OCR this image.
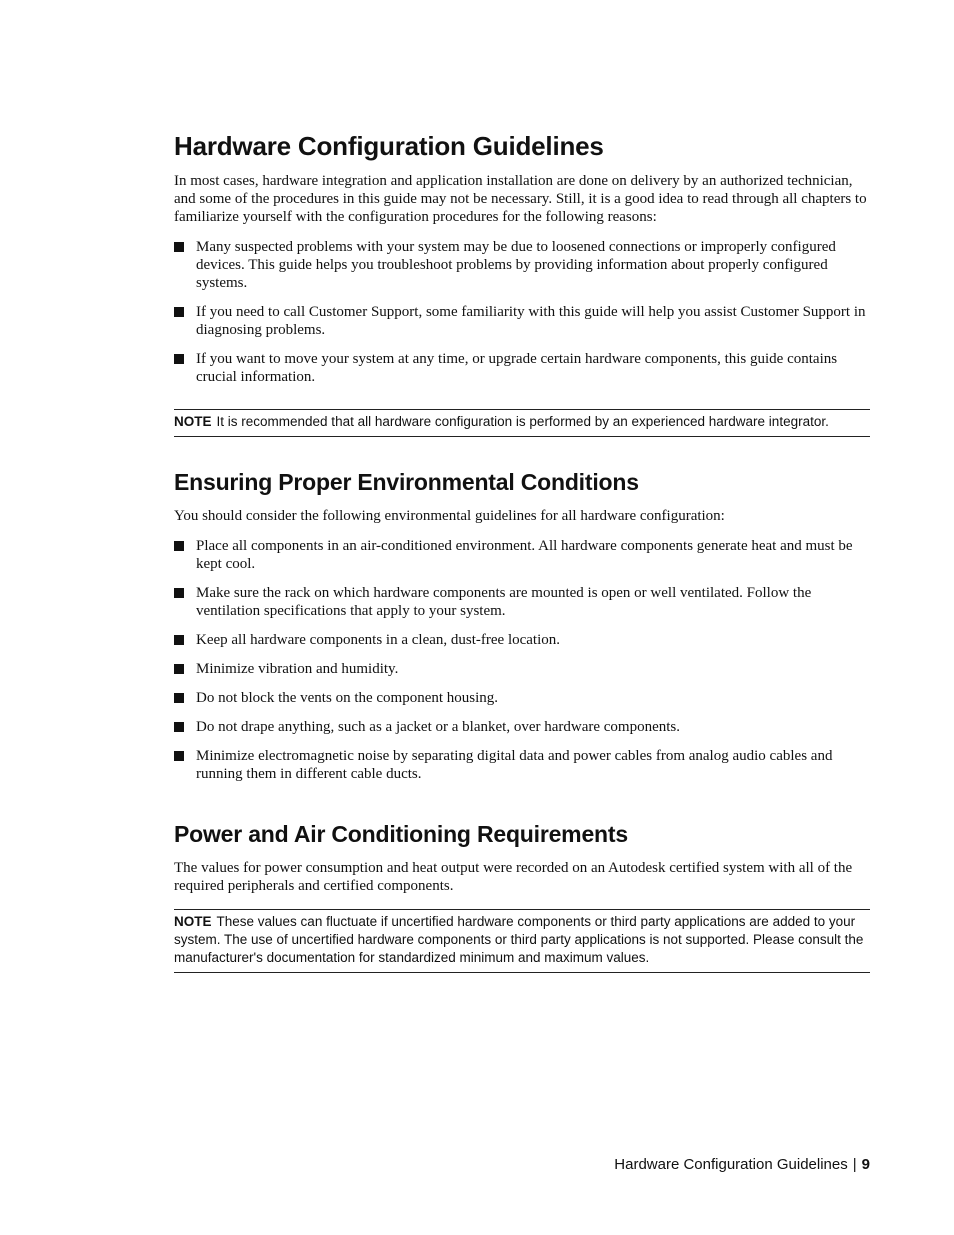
Hardware Configuration Guidelines

In most cases, hardware integration and application installation are done on delivery by an authorized technician, and some of the procedures in this guide may not be necessary. Still, it is a good idea to read through all chapters to familiarize yourself with the configuration procedures for the following reasons:

Many suspected problems with your system may be due to loosened connections or improperly configured devices. This guide helps you troubleshoot problems by providing information about properly configured systems.
If you need to call Customer Support, some familiarity with this guide will help you assist Customer Support in diagnosing problems.
If you want to move your system at any time, or upgrade certain hardware components, this guide contains crucial information.
NOTE It is recommended that all hardware configuration is performed by an experienced hardware integrator.
Ensuring Proper Environmental Conditions

You should consider the following environmental guidelines for all hardware configuration:

Place all components in an air-conditioned environment. All hardware components generate heat and must be kept cool.
Make sure the rack on which hardware components are mounted is open or well ventilated. Follow the ventilation specifications that apply to your system.
Keep all hardware components in a clean, dust-free location.
Minimize vibration and humidity.
Do not block the vents on the component housing.
Do not drape anything, such as a jacket or a blanket, over hardware components.
Minimize electromagnetic noise by separating digital data and power cables from analog audio cables and running them in different cable ducts.
Power and Air Conditioning Requirements

The values for power consumption and heat output were recorded on an Autodesk certified system with all of the required peripherals and certified components.

NOTE These values can fluctuate if uncertified hardware components or third party applications are added to your system. The use of uncertified hardware components or third party applications is not supported. Please consult the manufacturer's documentation for standardized minimum and maximum values.
Hardware Configuration Guidelines | 9
